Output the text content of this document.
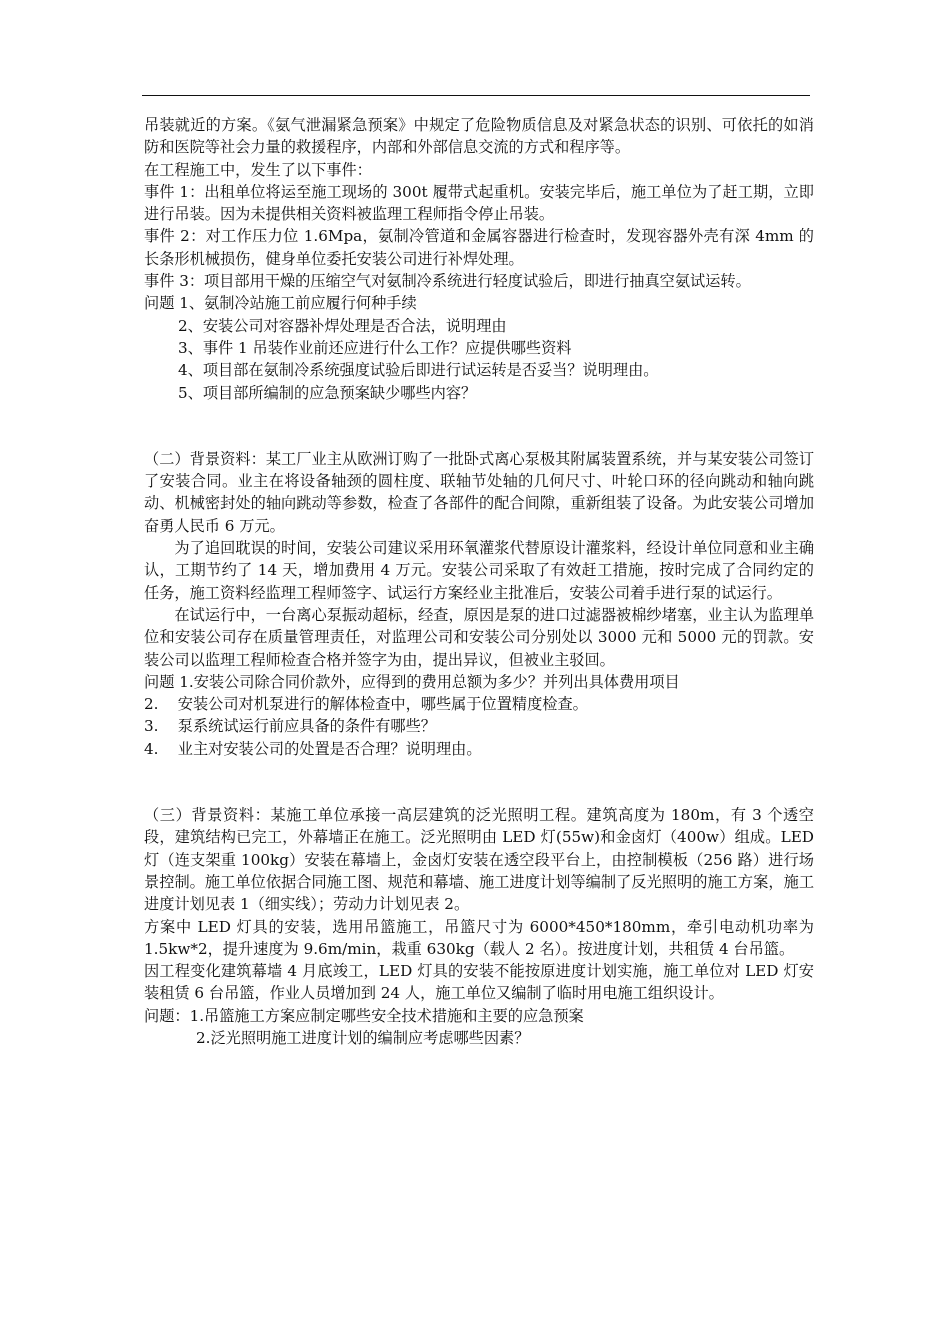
吊装就近的方案。《氨气泄漏紧急预案》中规定了危险物质信息及对紧急状态的识别、可依托的如消防和医院等社会力量的救援程序，内部和外部信息交流的方式和程序等。

在工程施工中，发生了以下事件：

事件 1：出租单位将运至施工现场的 300t 履带式起重机。安装完毕后，施工单位为了赶工期，立即进行吊装。因为未提供相关资料被监理工程师指令停止吊装。

事件 2：对工作压力位 1.6Mpa，氨制冷管道和金属容器进行检查时，发现容器外壳有深 4mm 的长条形机械损伤，健身单位委托安装公司进行补焊处理。

事件 3：项目部用干燥的压缩空气对氨制冷系统进行轻度试验后，即进行抽真空氨试运转。

问题 1、氨制冷站施工前应履行何种手续

2、安装公司对容器补焊处理是否合法，说明理由

3、事件 1 吊装作业前还应进行什么工作？应提供哪些资料

4、项目部在氨制冷系统强度试验后即进行试运转是否妥当？说明理由。

5、项目部所编制的应急预案缺少哪些内容？

（二）背景资料：某工厂业主从欧洲订购了一批卧式离心泵极其附属装置系统，并与某安装公司签订了安装合同。业主在将设备轴颈的圆柱度、联轴节处轴的几何尺寸、叶轮口环的径向跳动和轴向跳动、机械密封处的轴向跳动等参数，检查了各部件的配合间隙，重新组装了设备。为此安装公司增加奋勇人民币 6 万元。

为了追回耽误的时间，安装公司建议采用环氧灌浆代替原设计灌浆料，经设计单位同意和业主确认，工期节约了 14 天，增加费用 4 万元。安装公司采取了有效赶工措施，按时完成了合同约定的任务，施工资料经监理工程师签字、试运行方案经业主批准后，安装公司着手进行泵的试运行。

在试运行中，一台离心泵振动超标，经查，原因是泵的进口过滤器被棉纱堵塞，业主认为监理单位和安装公司存在质量管理责任，对监理公司和安装公司分别处以 3000 元和 5000 元的罚款。安装公司以监理工程师检查合格并签字为由，提出异议，但被业主驳回。

问题 1.安装公司除合同价款外，应得到的费用总额为多少？并列出具体费用项目

2.    安装公司对机泵进行的解体检查中，哪些属于位置精度检查。

3.    泵系统试运行前应具备的条件有哪些？

4.    业主对安装公司的处置是否合理？说明理由。

（三）背景资料：某施工单位承接一高层建筑的泛光照明工程。建筑高度为 180m，有 3 个透空段，建筑结构已完工，外幕墙正在施工。泛光照明由 LED 灯(55w)和金卤灯（400w）组成。LED 灯（连支架重 100kg）安装在幕墙上，金卤灯安装在透空段平台上，由控制模板（256 路）进行场景控制。施工单位依据合同施工图、规范和幕墙、施工进度计划等编制了反光照明的施工方案，施工进度计划见表 1（细实线）；劳动力计划见表 2。

方案中 LED 灯具的安装，选用吊篮施工，吊篮尺寸为 6000*450*180mm，牵引电动机功率为 1.5kw*2，提升速度为 9.6m/min，栽重 630kg（载人 2 名）。按进度计划，共租赁 4 台吊篮。

因工程变化建筑幕墙 4 月底竣工，LED 灯具的安装不能按原进度计划实施，施工单位对 LED 灯安装租赁 6 台吊篮，作业人员增加到 24 人，施工单位又编制了临时用电施工组织设计。

问题：1.吊篮施工方案应制定哪些安全技术措施和主要的应急预案

2.泛光照明施工进度计划的编制应考虑哪些因素？
